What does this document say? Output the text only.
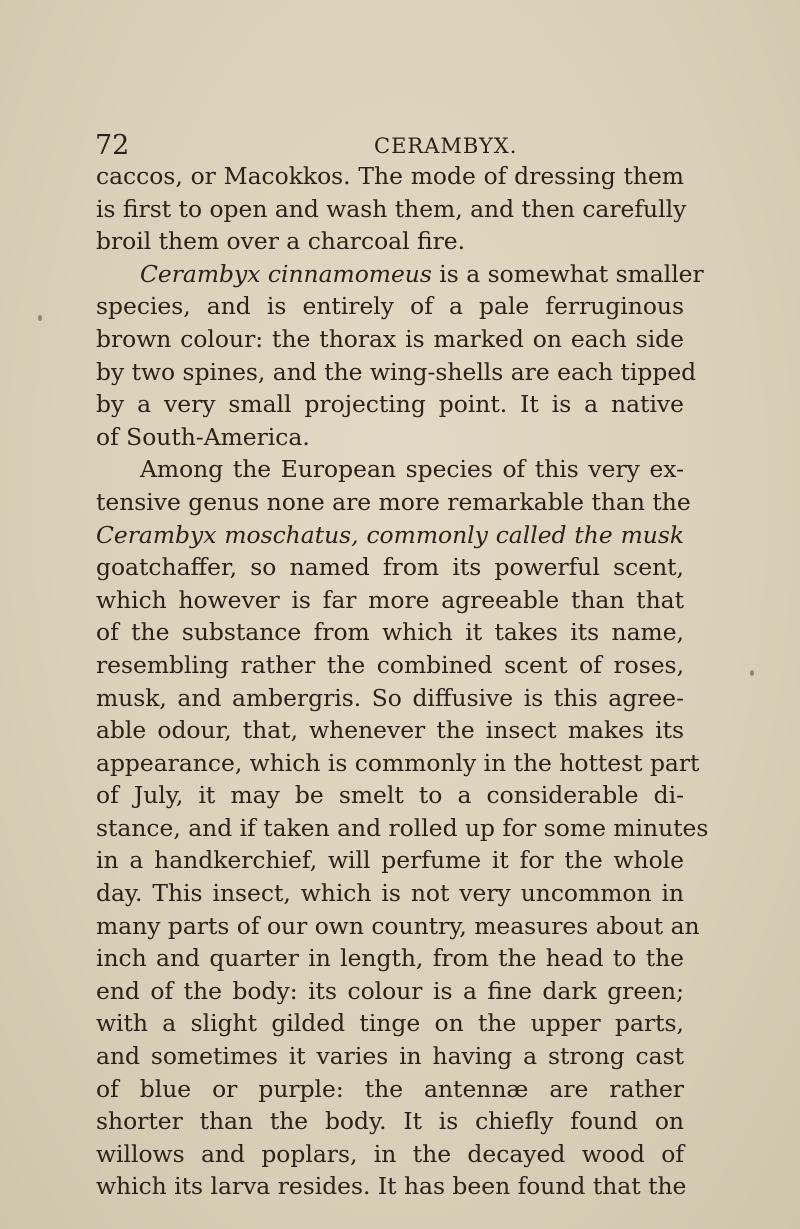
72	CERAMBYX.
caccos, or Macokkos. The mode of dressing them
is first to open and wash them, and then carefully
broil them over a charcoal fire.
Cerambyx cinnamomeus is a somewhat smaller
species, and is entirely of a pale ferruginous
brown colour: the thorax is marked on each side
by two spines, and the wing-shells are each tipped
by a very small projecting point. It is a native
of South-America.
Among the European species of this very ex-
tensive genus none are more remarkable than the
Cerambyx moschatus, commonly called the musk
goatchaffer, so named from its powerful scent,
which however is far more agreeable than that
of the substance from which it takes its name,
resembling rather the combined scent of roses,
musk, and ambergris. So diffusive is this agree-
able odour, that, whenever the insect makes its
appearance, which is commonly in the hottest part
of July, it may be smelt to a considerable di-
stance, and if taken and rolled up for some minutes
in a handkerchief, will perfume it for the whole
day. This insect, which is not very uncommon in
many parts of our own country, measures about an
inch and quarter in length, from the head to the
end of the body: its colour is a fine dark green;
with a slight gilded tinge on the upper parts,
and sometimes it varies in having a strong cast
of blue or purple: the antennæ are rather
shorter than the body. It is chiefly found on
willows and poplars, in the decayed wood of
which its larva resides. It has been found that the
